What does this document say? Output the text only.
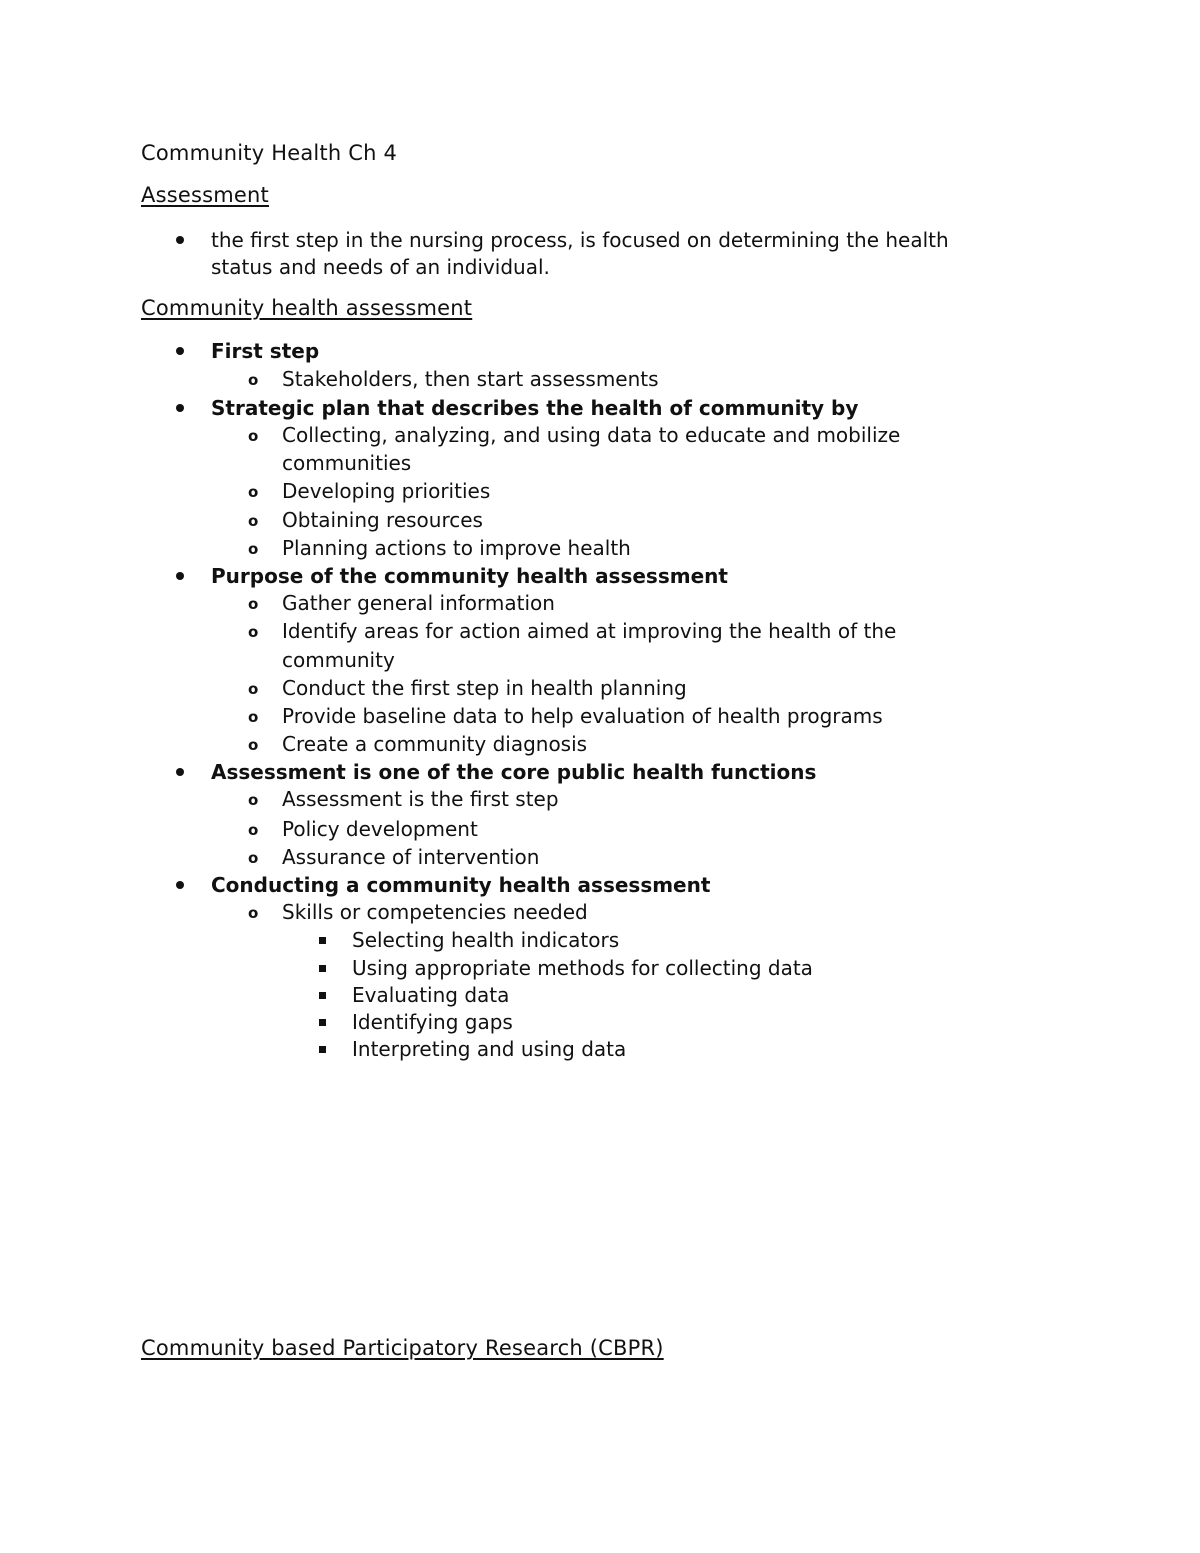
Community Health Ch 4
Assessment
the first step in the nursing process, is focused on determining the health
status and needs of an individual.
Community health assessment
First step
o Stakeholders, then start assessments
Strategic plan that describes the health of community by
o Collecting, analyzing, and using data to educate and mobilize
communities
o Developing priorities
o Obtaining resources
o Planning actions to improve health
Purpose of the community health assessment
o Gather general information
o Identify areas for action aimed at improving the health of the
community
o Conduct the first step in health planning
o Provide baseline data to help evaluation of health programs
o Create a community diagnosis
Assessment is one of the core public health functions
o Assessment is the first step
o Policy development
o Assurance of intervention
Conducting a community health assessment
o Skills or competencies needed
Selecting health indicators
Using appropriate methods for collecting data
Evaluating data
Identifying gaps
Interpreting and using data
Community based Participatory Research (CBPR)
